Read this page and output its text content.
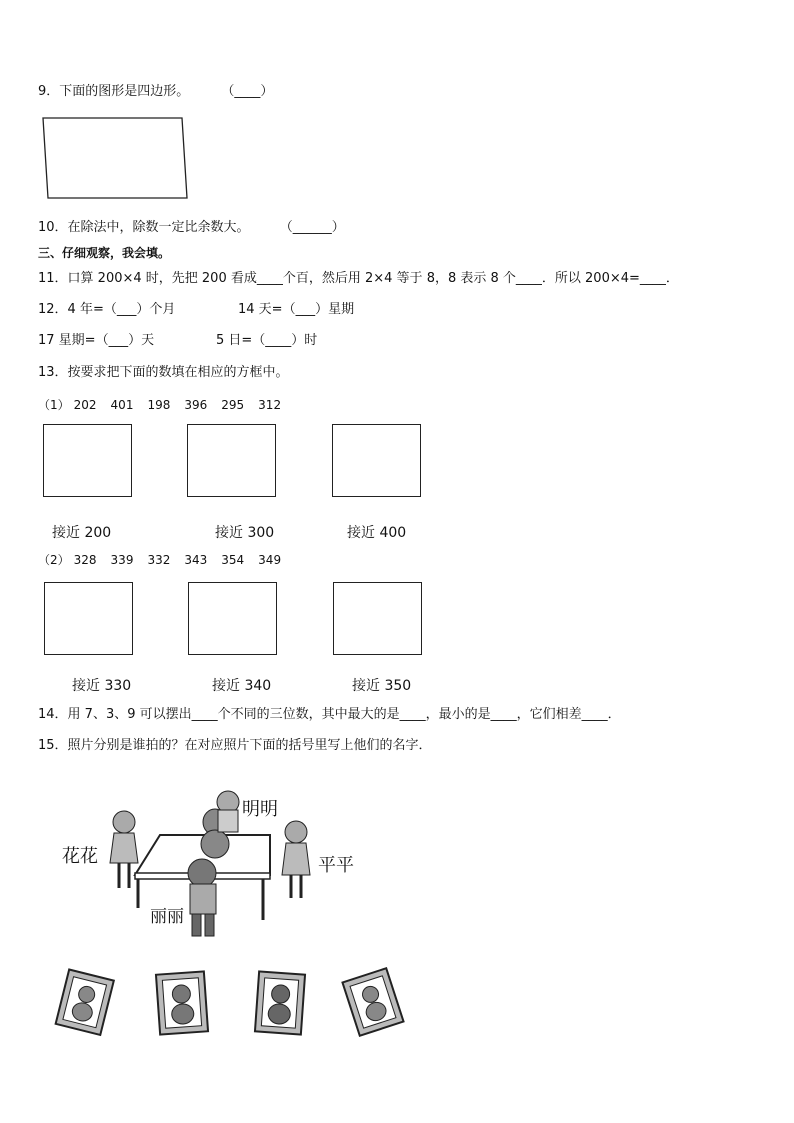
9．下面的图形是四边形。 （____）
10．在除法中，除数一定比余数大。 （______）
三、仔细观察，我会填。
11．口算 200×4 时，先把 200 看成____个百，然后用 2×4 等于 8，8 表示 8 个____．所以 200×4=____．
12．4 年=（___）个月	14 天=（___）星期
17 星期=（___）天	5 日=（____）时
13．按要求把下面的数填在相应的方框中。
（1） 202 401 198 396 295 312
接近 200	接近 300	接近 400
（2） 328 339 332 343 354 349
接近 330	接近 340	接近 350
14．用 7、3、9 可以摆出____个不同的三位数，其中最大的是____，最小的是____，它们相差____．
15．照片分别是谁拍的？在对应照片下面的括号里写上他们的名字．
花花
明明
平平
丽丽
